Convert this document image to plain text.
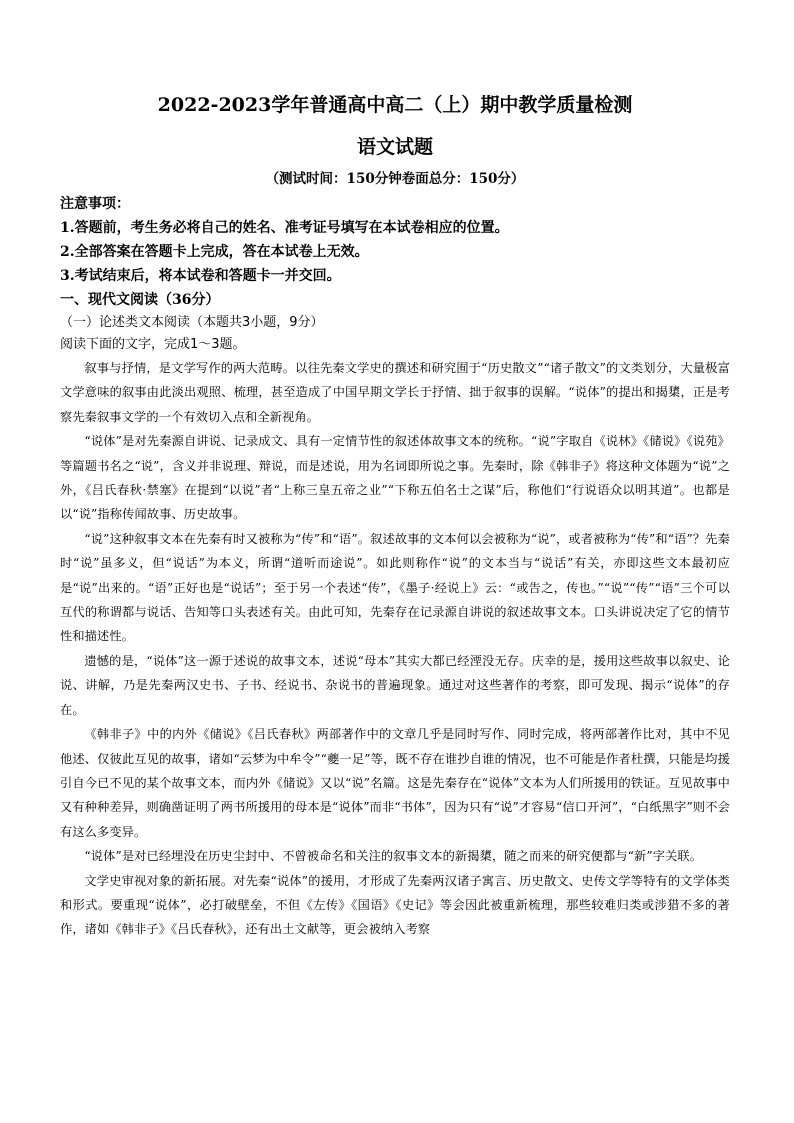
2022-2023学年普通高中高二（上）期中教学质量检测
语文试题
（测试时间：150分钟卷面总分：150分）
注意事项：
1.答题前，考生务必将自己的姓名、准考证号填写在本试卷相应的位置。
2.全部答案在答题卡上完成，答在本试卷上无效。
3.考试结束后，将本试卷和答题卡一并交回。
一、现代文阅读（36分）
（一）论述类文本阅读（本题共3小题，9分）
阅读下面的文字，完成1～3题。

叙事与抒情，是文学写作的两大范畴。以往先秦文学史的撰述和研究囿于“历史散文”“诸子散文”的文类划分，大量极富文学意味的叙事由此淡出观照、梳理，甚至造成了中国早期文学长于抒情、拙于叙事的误解。“说体”的提出和揭橥，正是考察先秦叙事文学的一个有效切入点和全新视角。

“说体”是对先秦源自讲说、记录成文、具有一定情节性的叙述体故事文本的统称。“说”字取自《说林》《储说》《说苑》等篇题书名之“说”，含义并非说理、辩说，而是述说，用为名词即所说之事。先秦时，除《韩非子》将这种文体题为“说”之外，《吕氏春秋·禁塞》在提到“以说”者“上称三皇五帝之业”“下称五伯名士之谋”后，称他们“行说语众以明其道”。也都是以“说”指称传闻故事、历史故事。

“说”这种叙事文本在先秦有时又被称为“传”和“语”。叙述故事的文本何以会被称为“说”，或者被称为“传”和“语”？先秦时“说”虽多义，但“说话”为本义，所谓“道听而途说”。如此则称作“说”的文本当与“说话”有关，亦即这些文本最初应是“说”出来的。“语”正好也是“说话”；至于另一个表述“传”，《墨子·经说上》云：“或告之，传也。”“说”“传”“语”三个可以互代的称谓都与说话、告知等口头表述有关。由此可知，先秦存在记录源自讲说的叙述故事文本。口头讲说决定了它的情节性和描述性。

遗憾的是，“说体”这一源于述说的故事文本，述说“母本”其实大都已经湮没无存。庆幸的是，援用这些故事以叙史、论说、讲解，乃是先秦两汉史书、子书、经说书、杂说书的普遍现象。通过对这些著作的考察，即可发现、揭示“说体”的存在。

《韩非子》中的内外《储说》《吕氏春秋》两部著作中的文章几乎是同时写作、同时完成，将两部著作比对，其中不见他述、仅彼此互见的故事，诸如“云梦为中牟令”“夔一足”等，既不存在谁抄自谁的情况，也不可能是作者杜撰，只能是均援引自今已不见的某个故事文本，而内外《储说》又以“说”名篇。这是先秦存在“说体”文本为人们所援用的铁证。互见故事中又有种种差异，则确凿证明了两书所援用的母本是“说体”而非“书体”，因为只有“说”才容易“信口开河”，“白纸黑字”则不会有这么多变异。

“说体”是对已经埋没在历史尘封中、不曾被命名和关注的叙事文本的新揭橥，随之而来的研究便都与“新”字关联。

文学史审视对象的新拓展。对先秦“说体”的援用，才形成了先秦两汉诸子寓言、历史散文、史传文学等特有的文学体类和形式。要重现“说体”，必打破壁垒，不但《左传》《国语》《史记》等会因此被重新梳理，那些较难归类或涉猎不多的著作，诸如《韩非子》《吕氏春秋》，还有出土文献等，更会被纳入考察
